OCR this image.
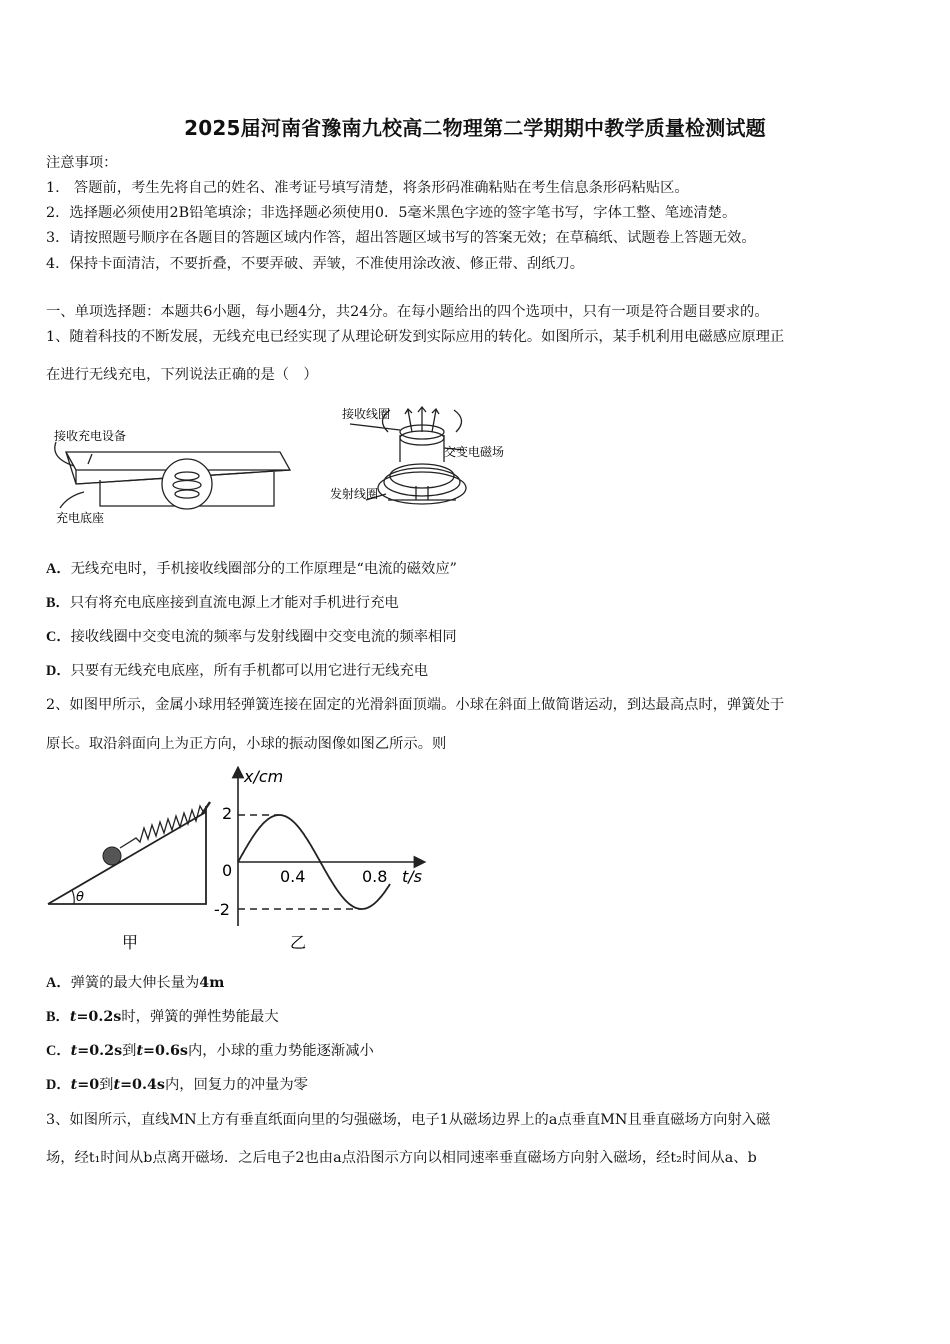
2025届河南省豫南九校高二物理第二学期期中教学质量检测试题
注意事项：
1.　答题前，考生先将自己的姓名、准考证号填写清楚，将条形码准确粘贴在考生信息条形码粘贴区。
2．选择题必须使用2B铅笔填涂；非选择题必须使用0．5毫米黑色字迹的签字笔书写，字体工整、笔迹清楚。
3．请按照题号顺序在各题目的答题区域内作答，超出答题区域书写的答案无效；在草稿纸、试题卷上答题无效。
4．保持卡面清洁，不要折叠，不要弄破、弄皱，不准使用涂改液、修正带、刮纸刀。
一、单项选择题：本题共6小题，每小题4分，共24分。在每小题给出的四个选项中，只有一项是符合题目要求的。
1、随着科技的不断发展，无线充电已经实现了从理论研发到实际应用的转化。如图所示，某手机利用电磁感应原理正
在进行无线充电，下列说法正确的是（　）
接收充电设备
充电底座
接收线圈
交变电磁场
发射线圈
A．无线充电时，手机接收线圈部分的工作原理是“电流的磁效应”
B．只有将充电底座接到直流电源上才能对手机进行充电
C．接收线圈中交变电流的频率与发射线圈中交变电流的频率相同
D．只要有无线充电底座，所有手机都可以用它进行无线充电
2、如图甲所示，金属小球用轻弹簧连接在固定的光滑斜面顶端。小球在斜面上做简谐运动，到达最高点时，弹簧处于
原长。取沿斜面向上为正方向，小球的振动图像如图乙所示。则
θ
甲
x/cm
t/s
0
2
-2
0.4	0.8
乙
A．弹簧的最大伸长量为4m
B．t=0.2s时，弹簧的弹性势能最大
C．t=0.2s到t=0.6s内，小球的重力势能逐渐减小
D．t=0到t=0.4s内，回复力的冲量为零
3、如图所示，直线MN上方有垂直纸面向里的匀强磁场，电子1从磁场边界上的a点垂直MN且垂直磁场方向射入磁
场，经t₁时间从b点离开磁场．之后电子2也由a点沿图示方向以相同速率垂直磁场方向射入磁场，经t₂时间从a、b
